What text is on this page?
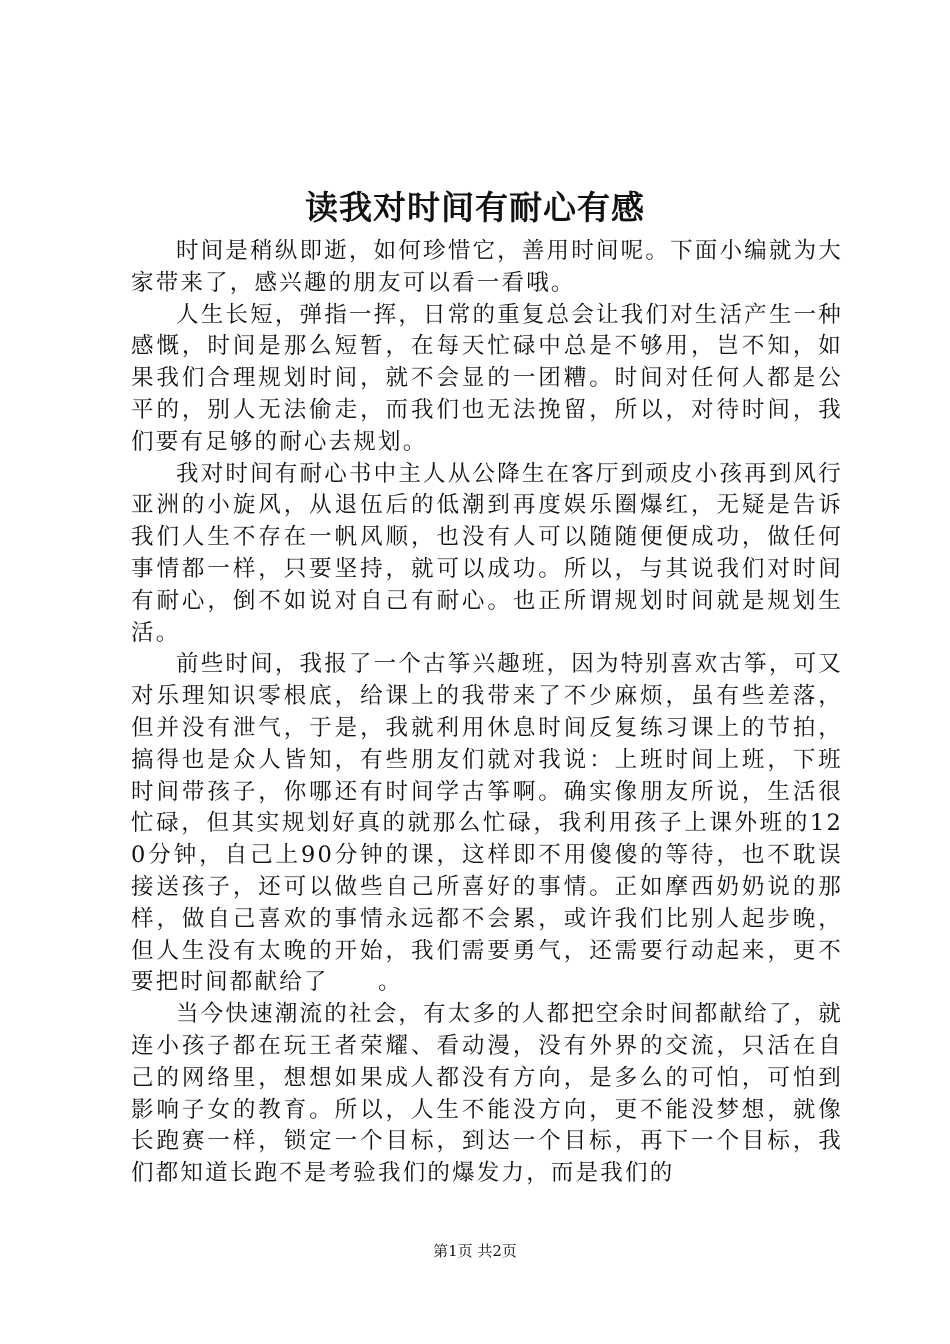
读我对时间有耐心有感

时间是稍纵即逝，如何珍惜它，善用时间呢。下面小编就为大家带来了，感兴趣的朋友可以看一看哦。

人生长短，弹指一挥，日常的重复总会让我们对生活产生一种感慨，时间是那么短暂，在每天忙碌中总是不够用，岂不知，如果我们合理规划时间，就不会显的一团糟。时间对任何人都是公平的，别人无法偷走，而我们也无法挽留，所以，对待时间，我们要有足够的耐心去规划。

我对时间有耐心书中主人从公降生在客厅到顽皮小孩再到风行亚洲的小旋风，从退伍后的低潮到再度娱乐圈爆红，无疑是告诉我们人生不存在一帆风顺，也没有人可以随随便便成功，做任何事情都一样，只要坚持，就可以成功。所以，与其说我们对时间有耐心，倒不如说对自己有耐心。也正所谓规划时间就是规划生活。

前些时间，我报了一个古筝兴趣班，因为特别喜欢古筝，可又对乐理知识零根底，给课上的我带来了不少麻烦，虽有些差落，但并没有泄气，于是，我就利用休息时间反复练习课上的节拍，搞得也是众人皆知，有些朋友们就对我说：上班时间上班，下班时间带孩子，你哪还有时间学古筝啊。确实像朋友所说，生活很忙碌，但其实规划好真的就那么忙碌，我利用孩子上课外班的120分钟，自己上90分钟的课，这样即不用傻傻的等待，也不耽误接送孩子，还可以做些自己所喜好的事情。正如摩西奶奶说的那样，做自己喜欢的事情永远都不会累，或许我们比别人起步晚，但人生没有太晚的开始，我们需要勇气，还需要行动起来，更不要把时间都献给了　　。

当今快速潮流的社会，有太多的人都把空余时间都献给了，就连小孩子都在玩王者荣耀、看动漫，没有外界的交流，只活在自己的网络里，想想如果成人都没有方向，是多么的可怕，可怕到影响子女的教育。所以，人生不能没方向，更不能没梦想，就像长跑赛一样，锁定一个目标，到达一个目标，再下一个目标，我们都知道长跑不是考验我们的爆发力，而是我们的

第1页 共2页
